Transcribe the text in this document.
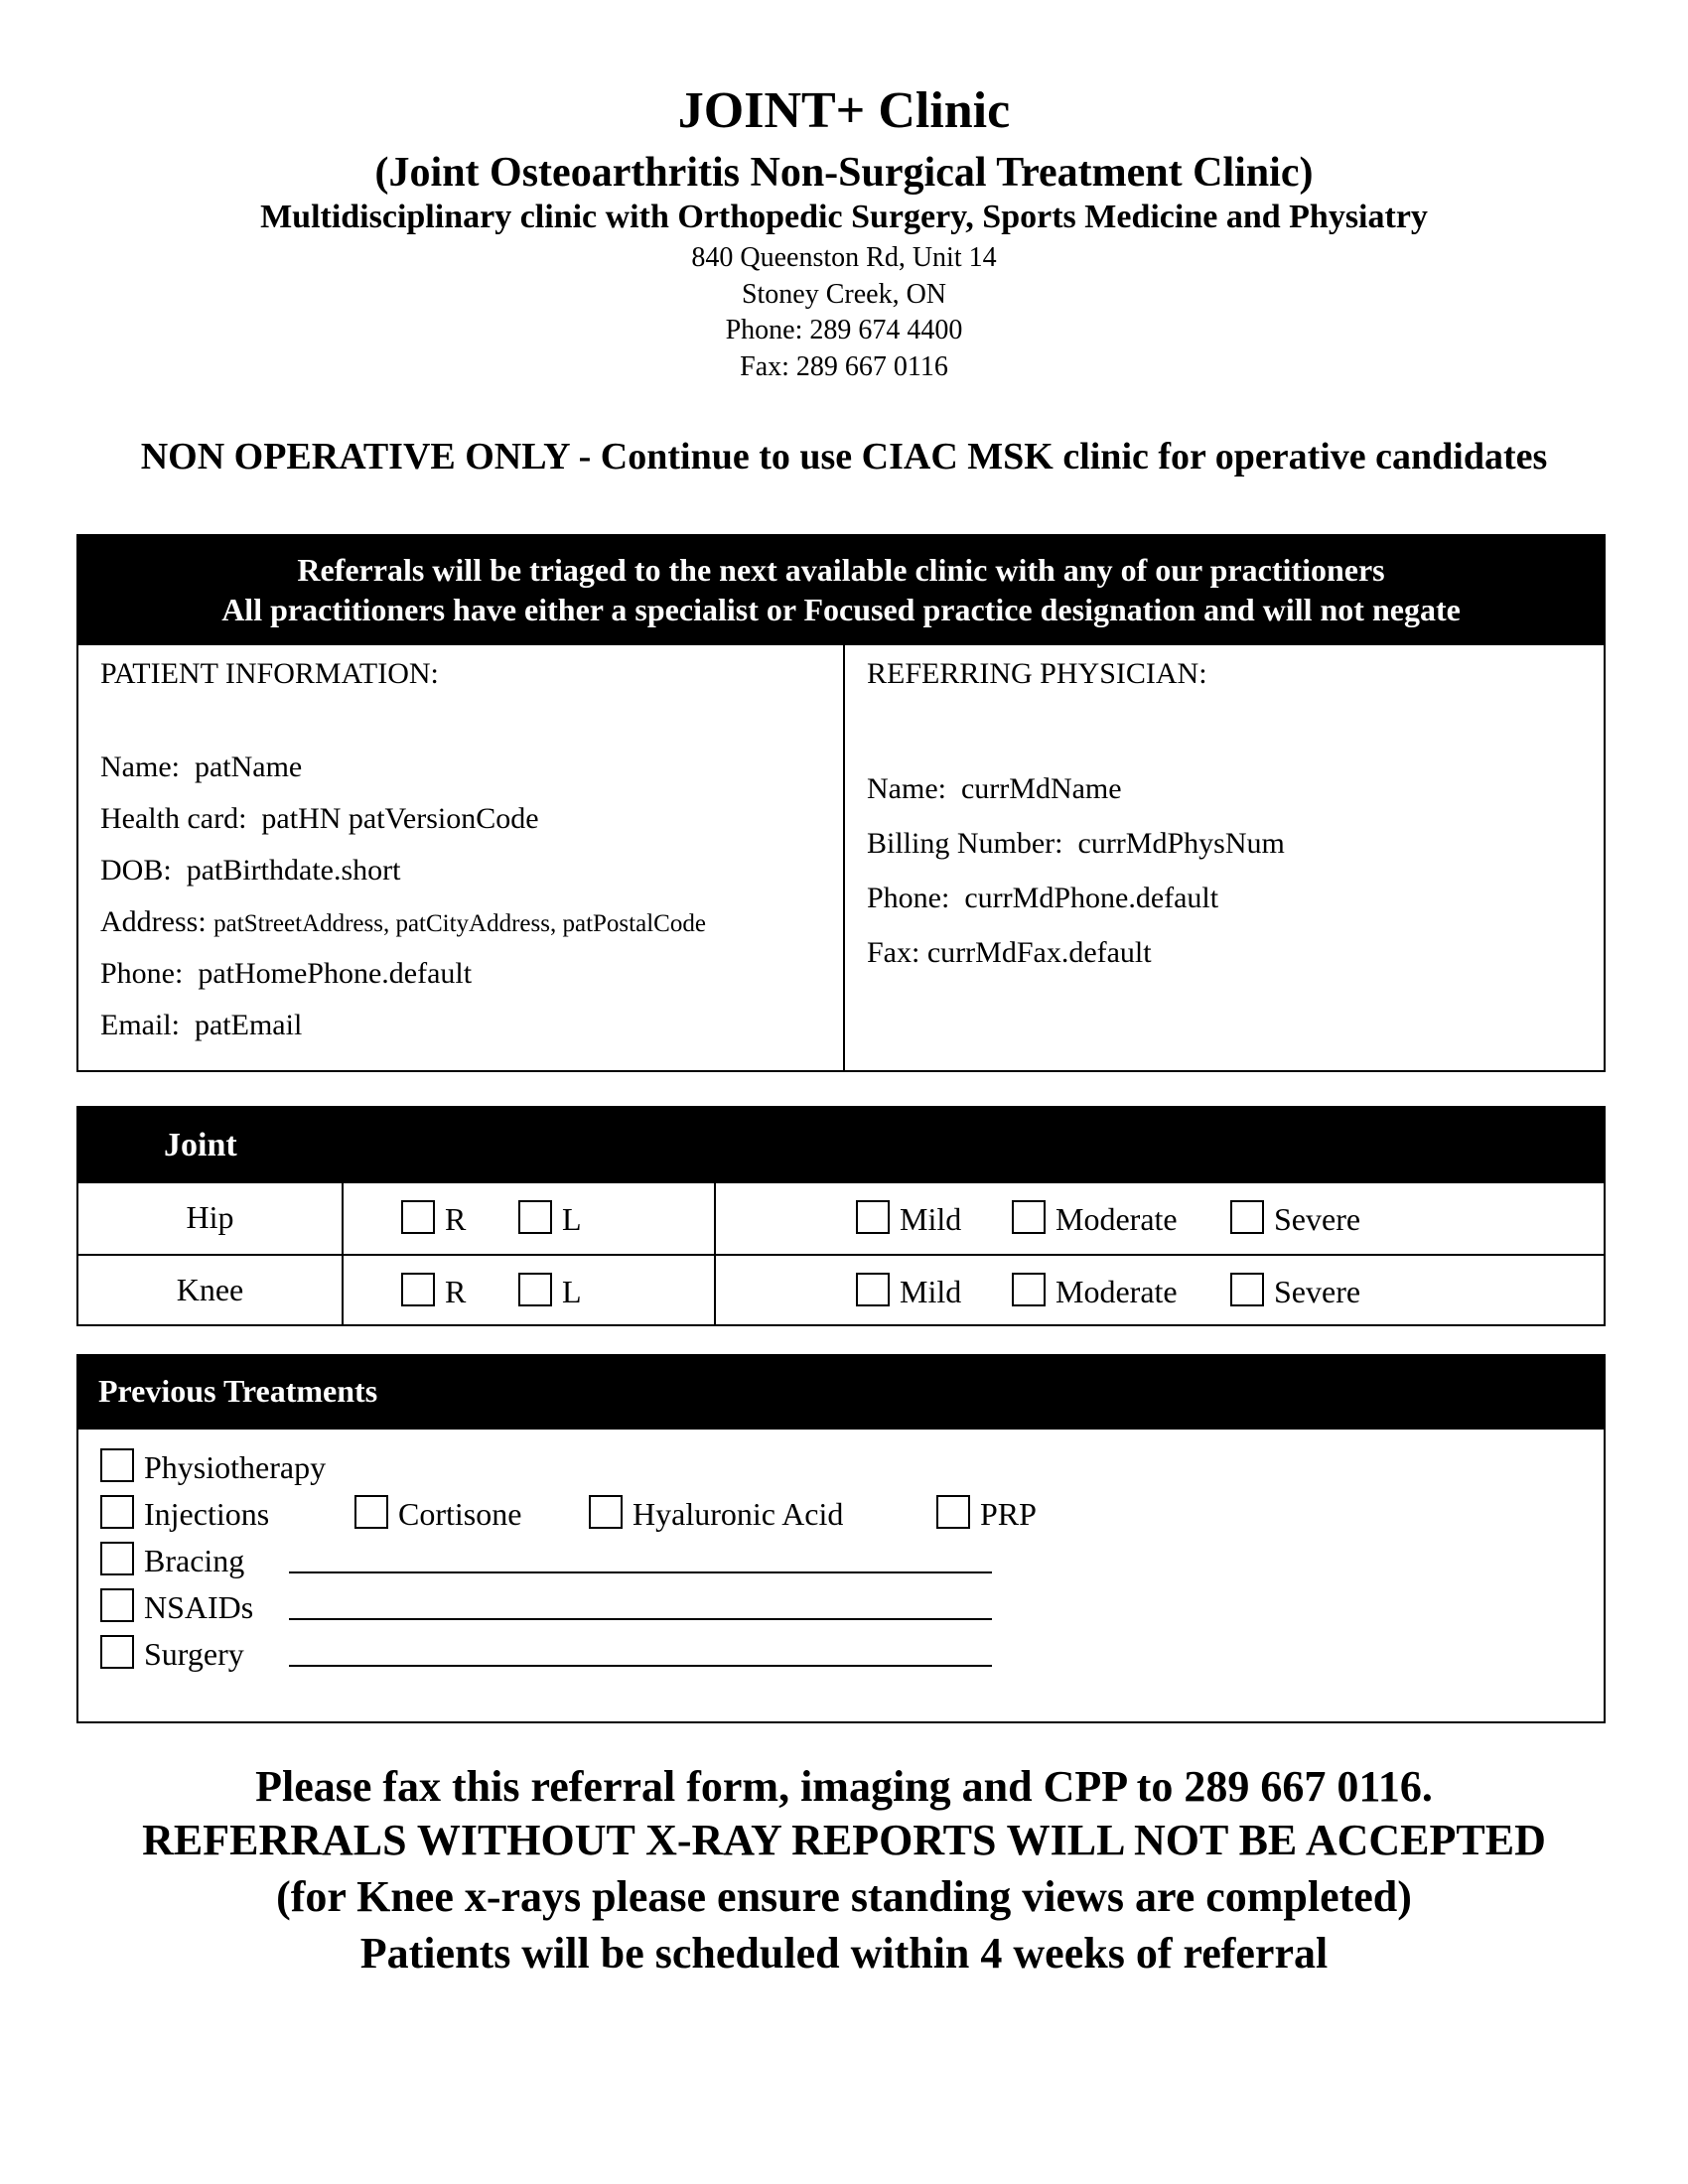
JOINT+ Clinic
(Joint Osteoarthritis Non-Surgical Treatment Clinic)
Multidisciplinary clinic with Orthopedic Surgery, Sports Medicine and Physiatry
840 Queenston Rd, Unit 14
Stoney Creek, ON
Phone: 289 674 4400
Fax: 289 667 0116
NON OPERATIVE ONLY - Continue to use CIAC MSK clinic for operative candidates
Referrals will be triaged to the next available clinic with any of our practitioners
All practitioners have either a specialist or Focused practice designation and will not negate
PATIENT INFORMATION:
Name: patName
Health card: patHN patVersionCode
DOB: patBirthdate.short
Address: patStreetAddress, patCityAddress, patPostalCode
Phone: patHomePhone.default
Email: patEmail
REFERRING PHYSICIAN:
Name: currMdName
Billing Number: currMdPhysNum
Phone: currMdPhone.default
Fax: currMdFax.default
Joint
Hip	R	L	Mild	Moderate	Severe
Knee	R	L	Mild	Moderate	Severe
Previous Treatments
Physiotherapy
Injections	Cortisone	Hyaluronic Acid	PRP
Bracing
NSAIDs
Surgery
Please fax this referral form, imaging and CPP to 289 667 0116.
REFERRALS WITHOUT X-RAY REPORTS WILL NOT BE ACCEPTED
(for Knee x-rays please ensure standing views are completed)
Patients will be scheduled within 4 weeks of referral
